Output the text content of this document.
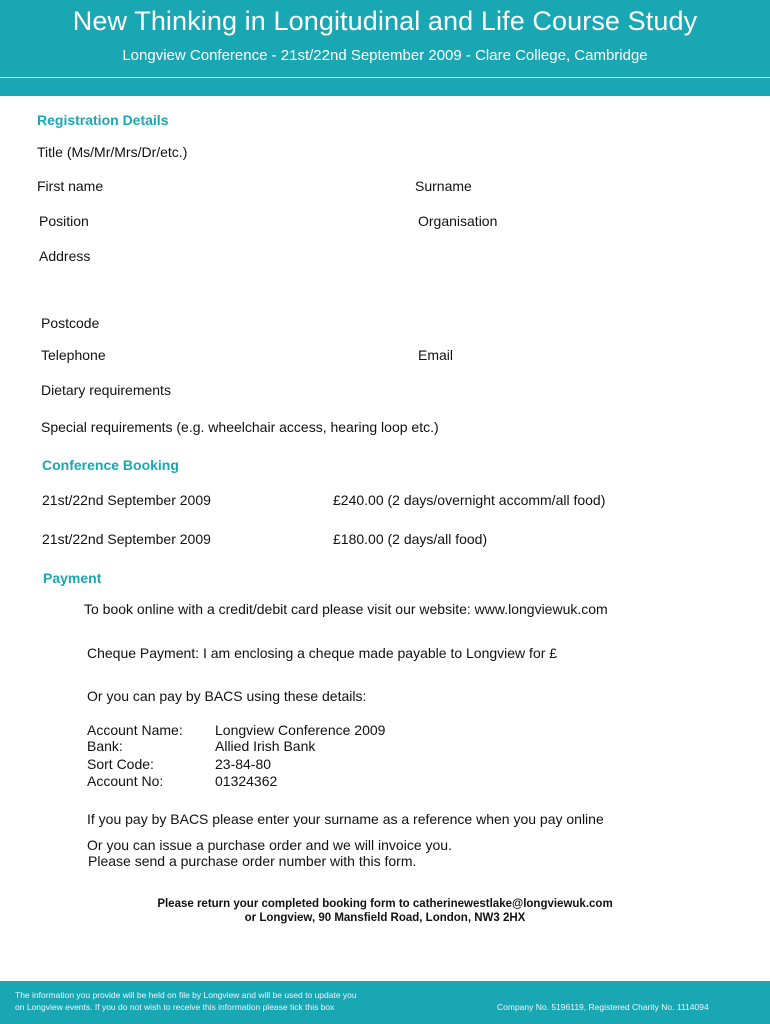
New Thinking in Longitudinal and Life Course Study
Longview Conference - 21st/22nd September 2009 - Clare College, Cambridge
Registration Details
Title (Ms/Mr/Mrs/Dr/etc.)
First name	Surname
Position	Organisation
Address
Postcode
Telephone	Email
Dietary requirements
Special requirements (e.g. wheelchair access, hearing loop etc.)
Conference Booking
21st/22nd September 2009	£240.00 (2 days/overnight accomm/all food)
21st/22nd September 2009	£180.00 (2 days/all food)
Payment
To book online with a credit/debit card please visit our website: www.longviewuk.com
Cheque Payment: I am enclosing a cheque made payable to Longview for £
Or you can pay by BACS using these details:
Account Name: Longview Conference 2009
Bank:	Allied Irish Bank
Sort Code:	23-84-80
Account No:	01324362
If you pay by BACS please enter your surname as a reference when you pay online
Or you can issue a purchase order and we will invoice you.
Please send a purchase order number with this form.
Please return your completed booking form to catherinewestlake@longviewuk.com
or Longview, 90 Mansfield Road, London, NW3 2HX
The information you provide will be held on file by Longview and will be used to update you
on Longview events. If you do not wish to receive this information please tick this box	Company No. 5196119, Registered Charity No. 1114094
